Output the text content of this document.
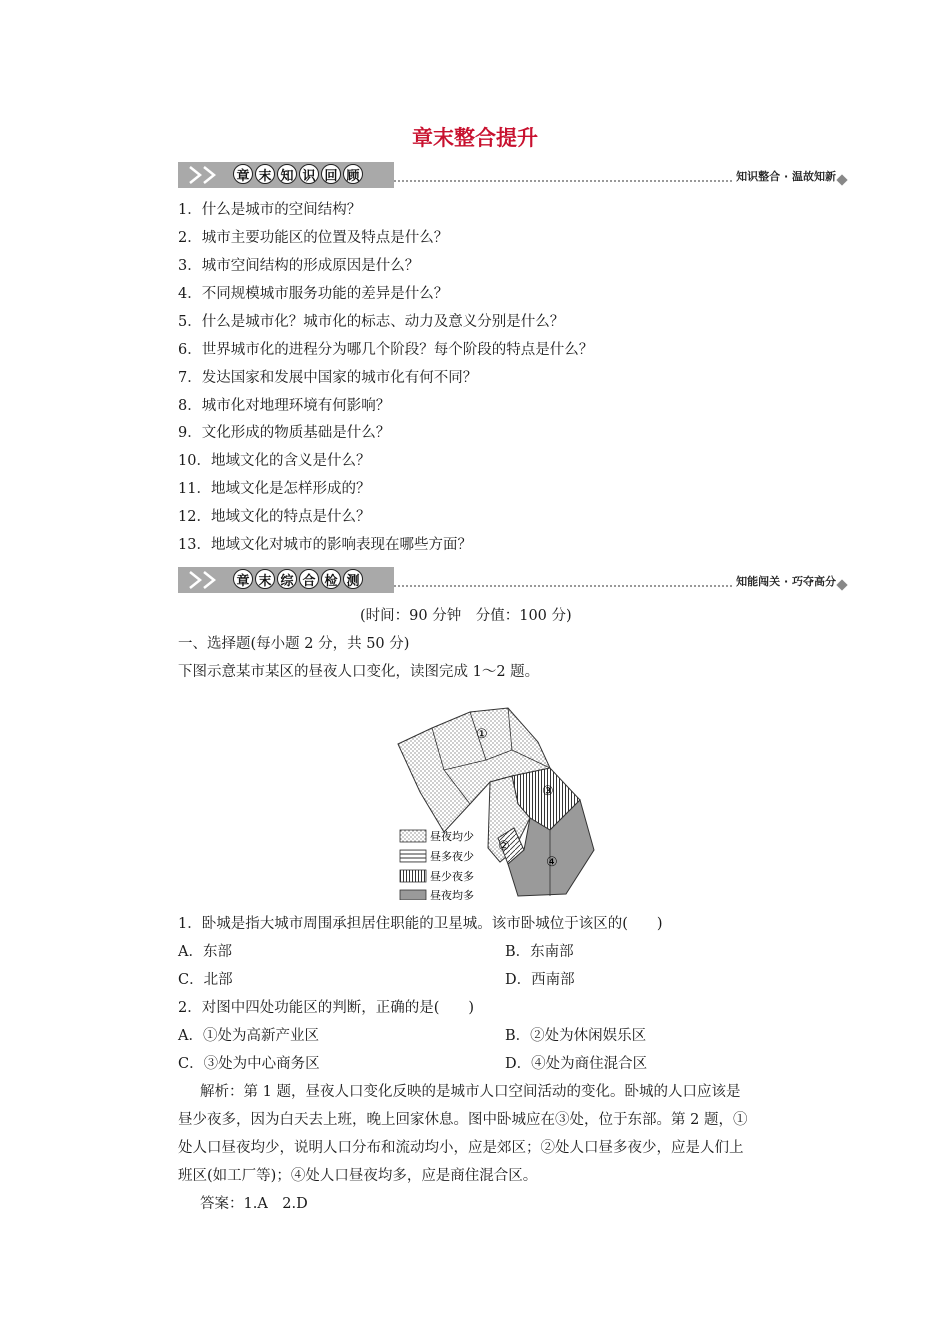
章末整合提升
章 末 知 识 回 顾	知识整合 · 温故知新
1．什么是城市的空间结构？
2．城市主要功能区的位置及特点是什么？
3．城市空间结构的形成原因是什么？
4．不同规模城市服务功能的差异是什么？
5．什么是城市化？城市化的标志、动力及意义分别是什么？
6．世界城市化的进程分为哪几个阶段？每个阶段的特点是什么？
7．发达国家和发展中国家的城市化有何不同？
8．城市化对地理环境有何影响？
9．文化形成的物质基础是什么？
10．地域文化的含义是什么？
11．地域文化是怎样形成的？
12．地域文化的特点是什么？
13．地域文化对城市的影响表现在哪些方面？
章 末 综 合 检 测	知能闯关 · 巧夺高分
(时间：90 分钟　分值：100 分)
一、选择题(每小题 2 分，共 50 分)
下图示意某市某区的昼夜人口变化，读图完成 1～2 题。
①
②
③
④
昼夜均少
昼多夜少
昼少夜多
昼夜均多
1．卧城是指大城市周围承担居住职能的卫星城。该市卧城位于该区的(　　)
A．东部	B．东南部
C．北部	D．西南部
2．对图中四处功能区的判断，正确的是(　　)
A．①处为高新产业区	B．②处为休闲娱乐区
C．③处为中心商务区	D．④处为商住混合区
解析：第 1 题，昼夜人口变化反映的是城市人口空间活动的变化。卧城的人口应该是
昼少夜多，因为白天去上班，晚上回家休息。图中卧城应在③处，位于东部。第 2 题，①
处人口昼夜均少，说明人口分布和流动均小，应是郊区；②处人口昼多夜少，应是人们上
班区(如工厂等)；④处人口昼夜均多，应是商住混合区。
答案：1.A　2.D
